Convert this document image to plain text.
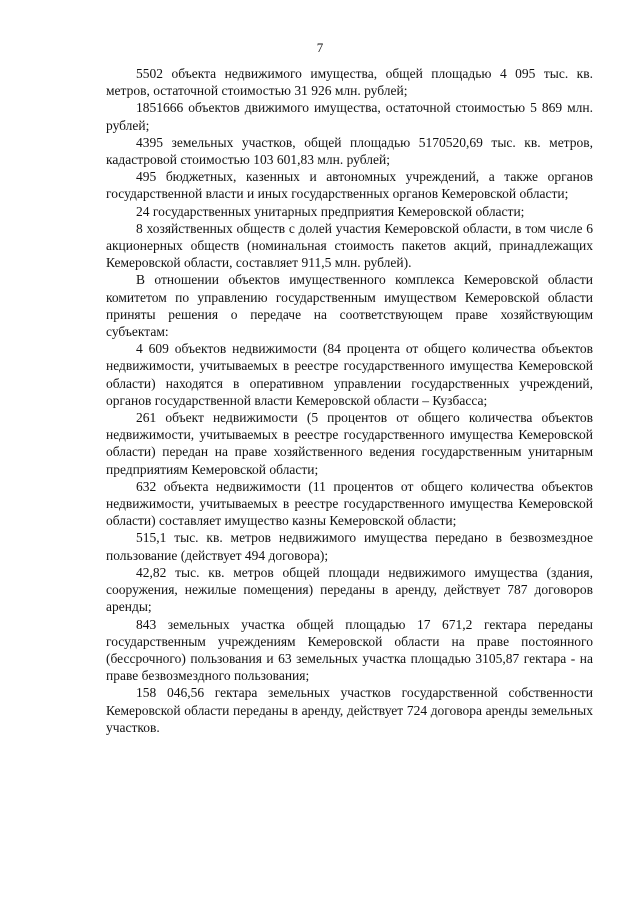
7

5502 объекта недвижимого имущества, общей площадью 4 095 тыс. кв. метров, остаточной стоимостью 31 926 млн. рублей;

1851666 объектов движимого имущества, остаточной стоимостью 5 869 млн. рублей;

4395 земельных участков, общей площадью 5170520,69 тыс. кв. метров, кадастровой стоимостью 103 601,83 млн. рублей;

495 бюджетных, казенных и автономных учреждений, а также органов государственной власти и иных государственных органов Кемеровской области;

24 государственных унитарных предприятия Кемеровской области;

8 хозяйственных обществ с долей участия Кемеровской области, в том числе 6 акционерных обществ (номинальная стоимость пакетов акций, принадлежащих Кемеровской области, составляет 911,5 млн. рублей).

В отношении объектов имущественного комплекса Кемеровской области комитетом по управлению государственным имуществом Кемеровской области приняты решения о передаче на соответствующем праве хозяйствующим субъектам:

4 609 объектов недвижимости (84 процента от общего количества объектов недвижимости, учитываемых в реестре государственного имущества Кемеровской области) находятся в оперативном управлении государственных учреждений, органов государственной власти Кемеровской области – Кузбасса;

261 объект недвижимости (5 процентов от общего количества объектов недвижимости, учитываемых в реестре государственного имущества Кемеровской области) передан на праве хозяйственного ведения государственным унитарным предприятиям Кемеровской области;

632 объекта недвижимости (11 процентов от общего количества объектов недвижимости, учитываемых в реестре государственного имущества Кемеровской области) составляет имущество казны Кемеровской области;

515,1 тыс. кв. метров недвижимого имущества передано в безвозмездное пользование (действует 494 договора);

42,82 тыс. кв. метров общей площади недвижимого имущества (здания, сооружения, нежилые помещения) переданы в аренду, действует 787 договоров аренды;

843 земельных участка общей площадью 17 671,2 гектара переданы государственным учреждениям Кемеровской области на праве постоянного (бессрочного) пользования и 63 земельных участка площадью 3105,87 гектара - на праве безвозмездного пользования;

158 046,56 гектара земельных участков государственной собственности Кемеровской области переданы в аренду, действует 724 договора аренды земельных участков.
